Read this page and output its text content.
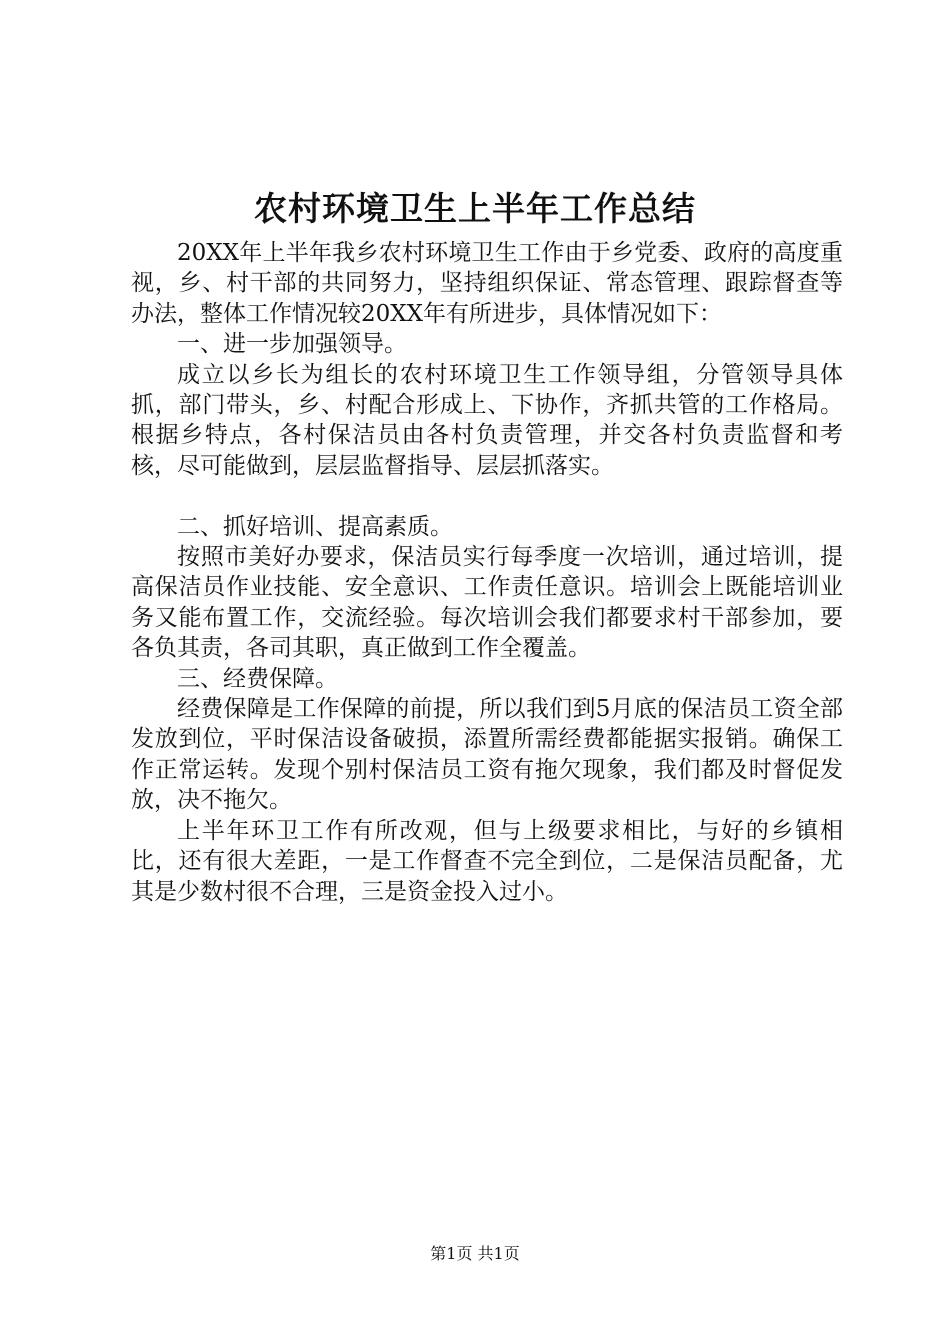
农村环境卫生上半年工作总结

20XX年上半年我乡农村环境卫生工作由于乡党委、政府的高度重视，乡、村干部的共同努力，坚持组织保证、常态管理、跟踪督查等办法，整体工作情况较20XX年有所进步，具体情况如下：

一、进一步加强领导。

成立以乡长为组长的农村环境卫生工作领导组，分管领导具体抓，部门带头，乡、村配合形成上、下协作，齐抓共管的工作格局。根据乡特点，各村保洁员由各村负责管理，并交各村负责监督和考核，尽可能做到，层层监督指导、层层抓落实。

二、抓好培训、提高素质。

按照市美好办要求，保洁员实行每季度一次培训，通过培训，提高保洁员作业技能、安全意识、工作责任意识。培训会上既能培训业务又能布置工作，交流经验。每次培训会我们都要求村干部参加，要各负其责，各司其职，真正做到工作全覆盖。

三、经费保障。

经费保障是工作保障的前提，所以我们到5月底的保洁员工资全部发放到位，平时保洁设备破损，添置所需经费都能据实报销。确保工作正常运转。发现个别村保洁员工资有拖欠现象，我们都及时督促发放，决不拖欠。

上半年环卫工作有所改观，但与上级要求相比，与好的乡镇相比，还有很大差距，一是工作督查不完全到位，二是保洁员配备，尤其是少数村很不合理，三是资金投入过小。

第1页 共1页
